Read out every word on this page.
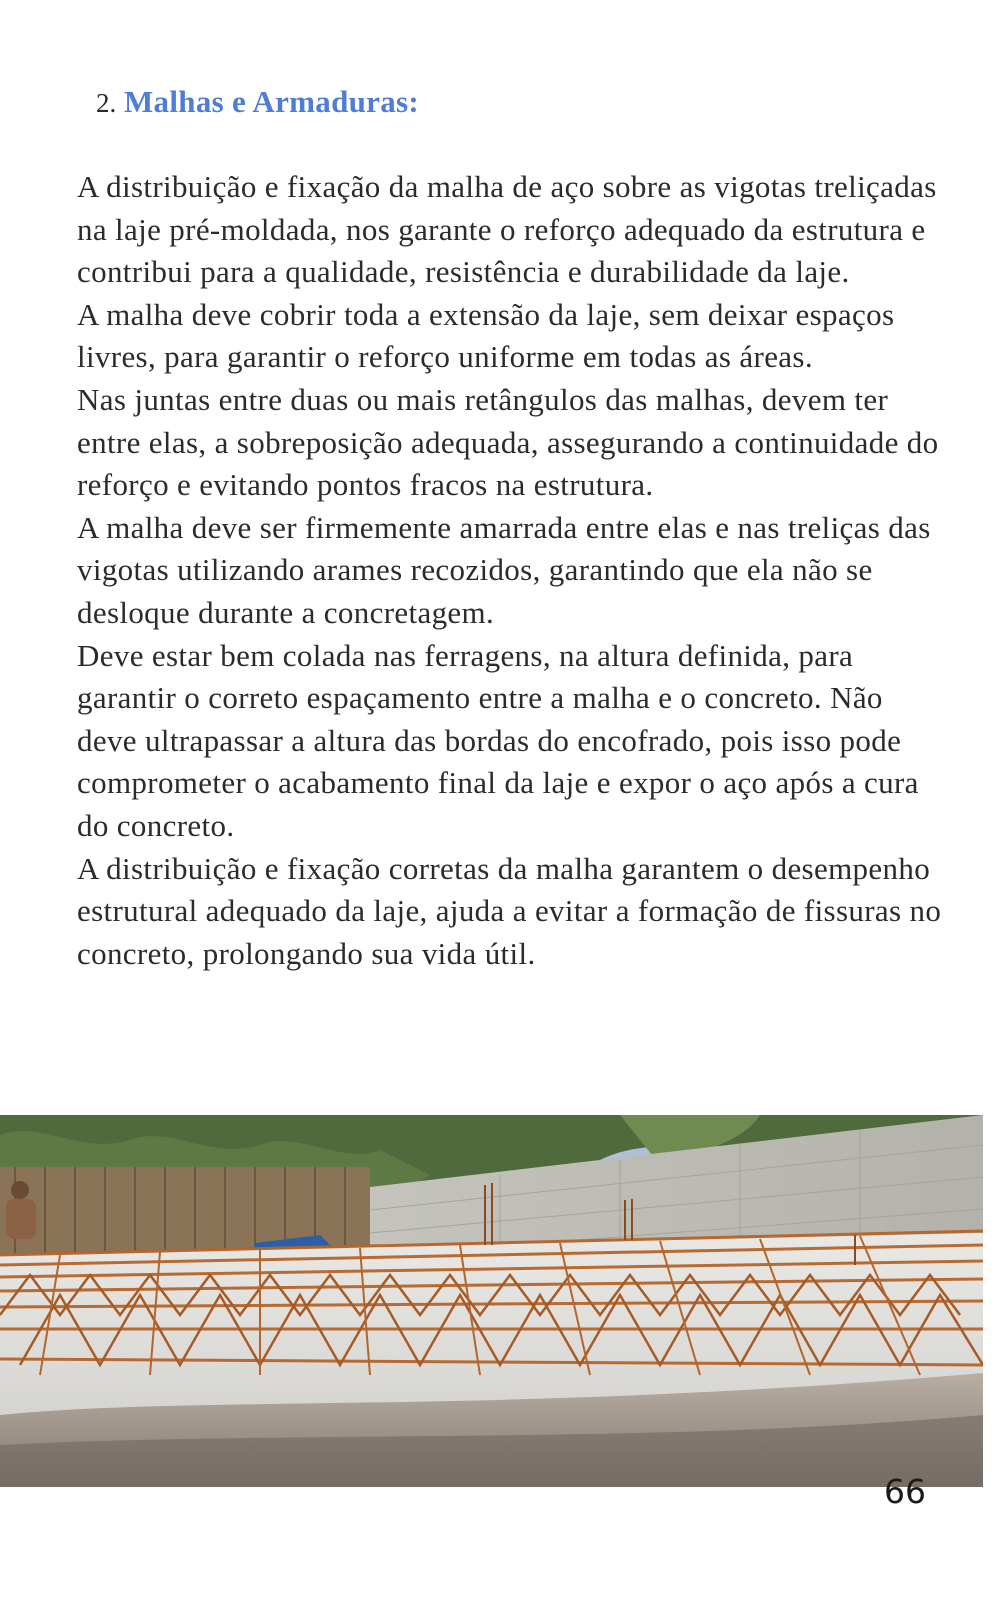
2. Malhas e Armaduras:

A distribuição e fixação da malha de aço sobre as vigotas treliçadas na laje pré-moldada, nos garante o reforço adequado da estrutura e contribui para a qualidade, resistência e durabilidade da laje.

A malha deve cobrir toda a extensão da laje, sem deixar espaços livres, para garantir o reforço uniforme em todas as áreas.

Nas juntas entre duas ou mais retângulos das malhas, devem ter entre elas, a sobreposição adequada, assegurando a continuidade do reforço e evitando pontos fracos na estrutura.

A malha deve ser firmemente amarrada entre elas e nas treliças das vigotas utilizando arames recozidos, garantindo que ela não se desloque durante a concretagem.

Deve estar bem colada nas ferragens, na altura definida, para garantir o correto espaçamento entre a malha e o concreto. Não deve ultrapassar a altura das bordas do encofrado, pois isso pode comprometer o acabamento final da laje e expor o aço após a cura do concreto.

A distribuição e fixação corretas da malha garantem o desempenho estrutural adequado da laje, ajuda a evitar a formação de fissuras no concreto, prolongando sua vida útil.

66
